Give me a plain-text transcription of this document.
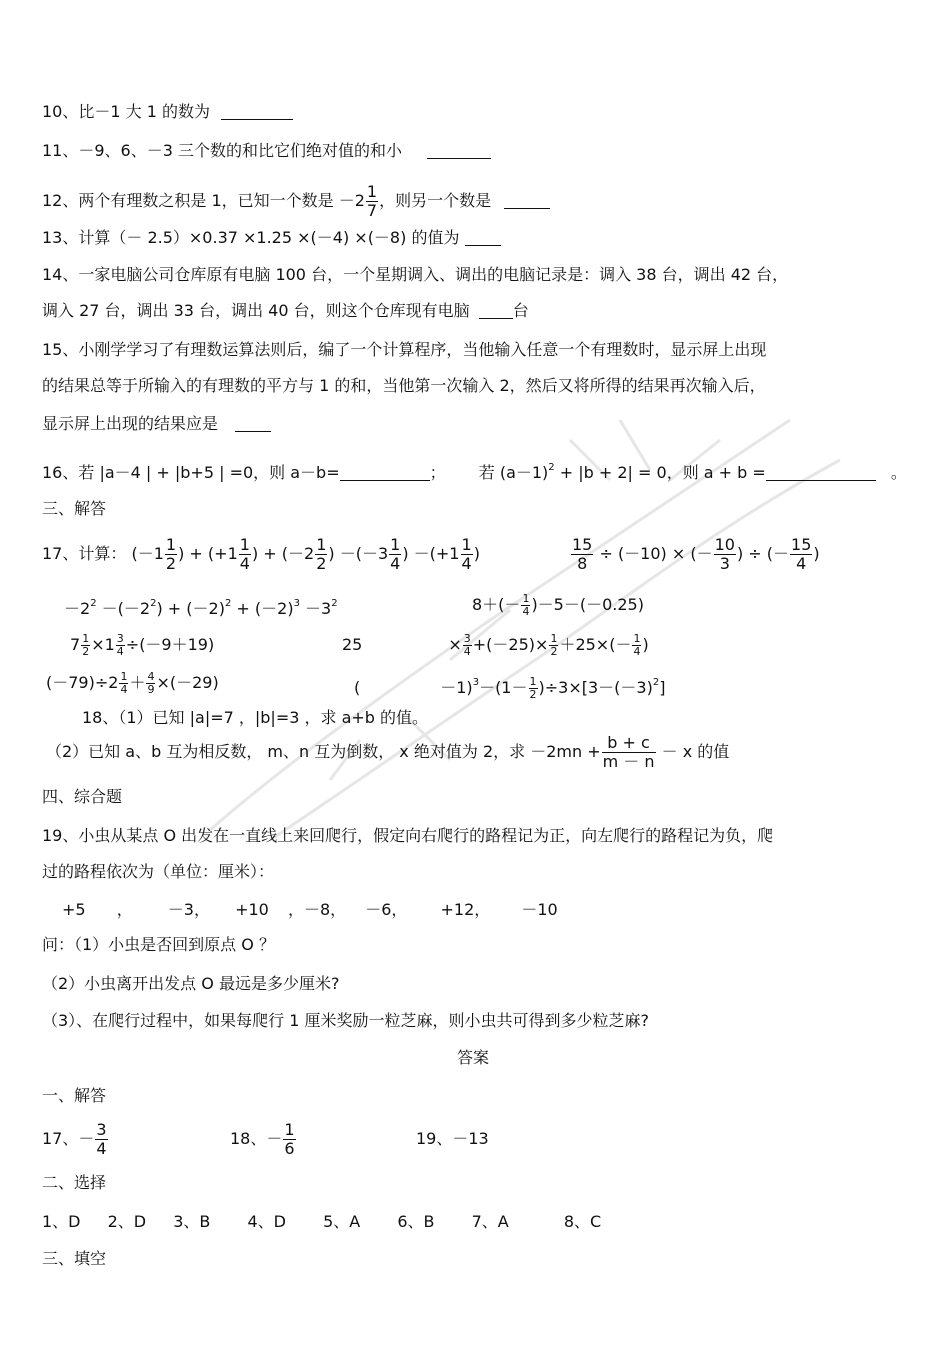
10、比－1 大 1 的数为
11、－9、6、－3 三个数的和比它们绝对值的和小
12、两个有理数之积是 1，已知一个数是 $-2 \frac{1}{7}$ ，则另一个数是
13、计算（－ 2.5）×0.37 ×1.25 ×(－4) ×(－8) 的值为
14、一家电脑公司仓库原有电脑 100 台，一个星期调入、调出的电脑记录是：调入 38 台，调出 42 台，
调入 27 台，调出 33 台，调出 40 台，则这个仓库现有电脑	台
15、小刚学学习了有理数运算法则后，编了一个计算程序，当他输入任意一个有理数时，显示屏上出现
的结果总等于所输入的有理数的平方与 1 的和，当他第一次输入 2，然后又将所得的结果再次输入后，
显示屏上出现的结果应是
16、若 |a－4 | + |b+5 | =0，则 a－b=	； 若 $(a-1)^2 + |b + 2| = 0$，则 a + b =	。
三、解答
17、计算： ($-1 \frac{1}{2}$ ) + ($+1 \frac{1}{4}$ ) + ($-2 \frac{1}{2}$ ) $-(-3 \frac{1}{4}$ ) $-(+1 \frac{1}{4}$ )	$\frac{15}{8} \div (-10)$ × (－ $\frac{10}{3}$ ) ÷ (－ $\frac{15}{4}$ )
$-2^2 -(-2^2) + (-2)^2 + (-2)^3 -3^2$	$8+(- \frac{1}{4} )-5-(-0.25)$
$7 \frac{1}{2} \times 1 \frac{3}{4} \div(-9+19)$	25	× $\frac{3}{4} +(-25)\times \frac{1}{2} +25\times(- \frac{1}{4}$ )
$(-79)\div 2 \frac{1}{4} + \frac{4}{9} \times(-29)$	(	$-1)^3-(1- \frac{1}{2} )\div 3\times[3-(-3)^2]$
18、（1）已知 |a|=7 ，|b|=3 ，求 a+b 的值。
（2）已知 a、b 互为相反数， m、n 互为倒数， x 绝对值为 2，求 $-2mn + \frac{b + c}{m - n} - x$ 的值
四、综合题
19、小虫从某点 O 出发在一直线上来回爬行，假定向右爬行的路程记为正，向左爬行的路程记为负，爬
过的路程依次为（单位：厘米）：
+5 ， －3， +10 ，－8， －6， +12， －10
问：（1）小虫是否回到原点 O ？
（2）小虫离开出发点 O 最远是多少厘米?
（3）、在爬行过程中，如果每爬行 1 厘米奖励一粒芝麻，则小虫共可得到多少粒芝麻?
答案
一、解答
17、－ $\frac{3}{4}$	18、－ $\frac{1}{6}$	19、－13
二、选择
1、D 2、D 3、B 4、D 5、A 6、B 7、A	8、C
三、填空
